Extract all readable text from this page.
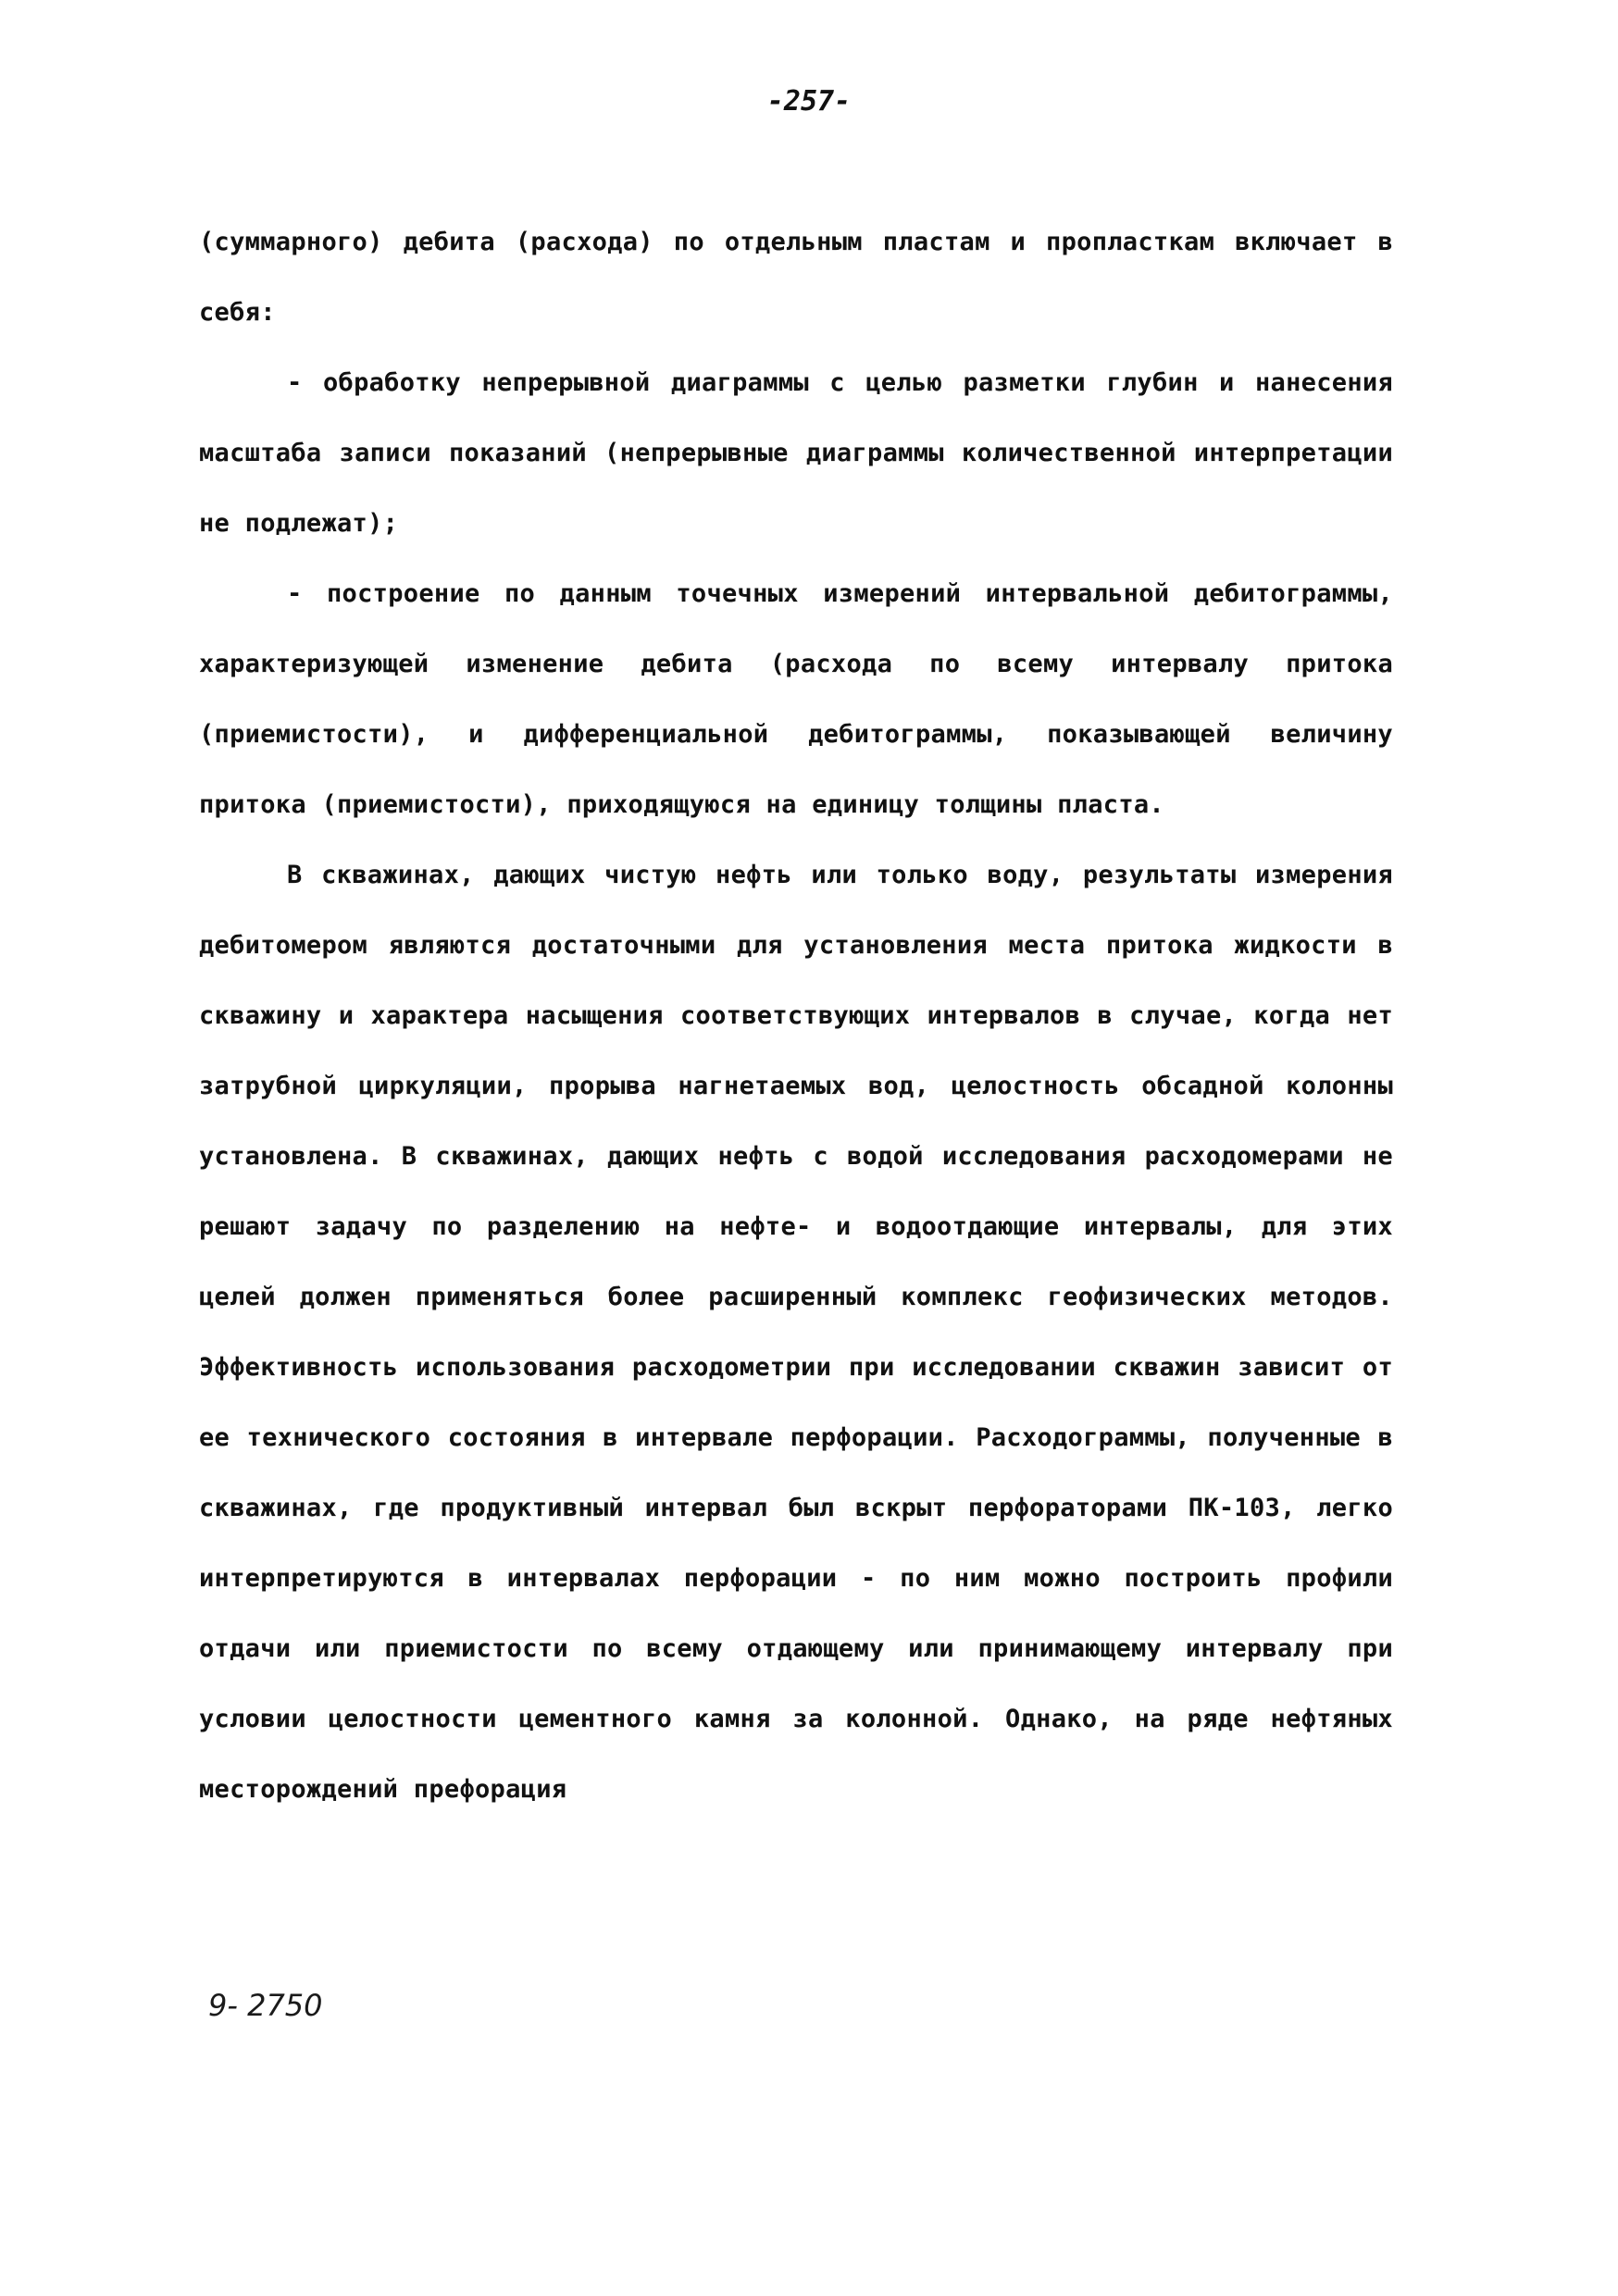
-257-

(суммарного) дебита (расхода) по отдельным пластам и пропласткам включает в себя:

- обработку непрерывной диаграммы с целью разметки глубин и нанесения масштаба записи показаний (непрерывные диаграммы количественной интерпретации не подлежат);

- построение по данным точечных измерений интервальной дебитограммы, характеризующей изменение дебита (расхода по всему интервалу притока (приемистости), и дифференциальной дебитограммы, показывающей величину притока (приемистости), приходящуюся на единицу толщины пласта.

В скважинах, дающих чистую нефть или только воду, результаты измерения дебитомером являются достаточными для установления места притока жидкости в скважину и характера насыщения соответствующих интервалов в случае, когда нет затрубной циркуляции, прорыва нагнетаемых вод, целостность обсадной колонны установлена. В скважинах, дающих нефть с водой исследования расходомерами не решают задачу по разделению на нефте- и водоотдающие интервалы, для этих целей должен применяться более расширенный комплекс геофизических методов. Эффективность использования расходометрии при исследовании скважин зависит от ее технического состояния в интервале перфорации. Расходограммы, полученные в скважинах, где продуктивный интервал был вскрыт перфораторами ПК-103, легко интерпретируются в интервалах перфорации - по ним можно построить профили отдачи или приемистости по всему отдающему или принимающему интервалу при условии целостности цементного камня за колонной. Однако, на ряде нефтяных месторождений префорация

9- 2750
